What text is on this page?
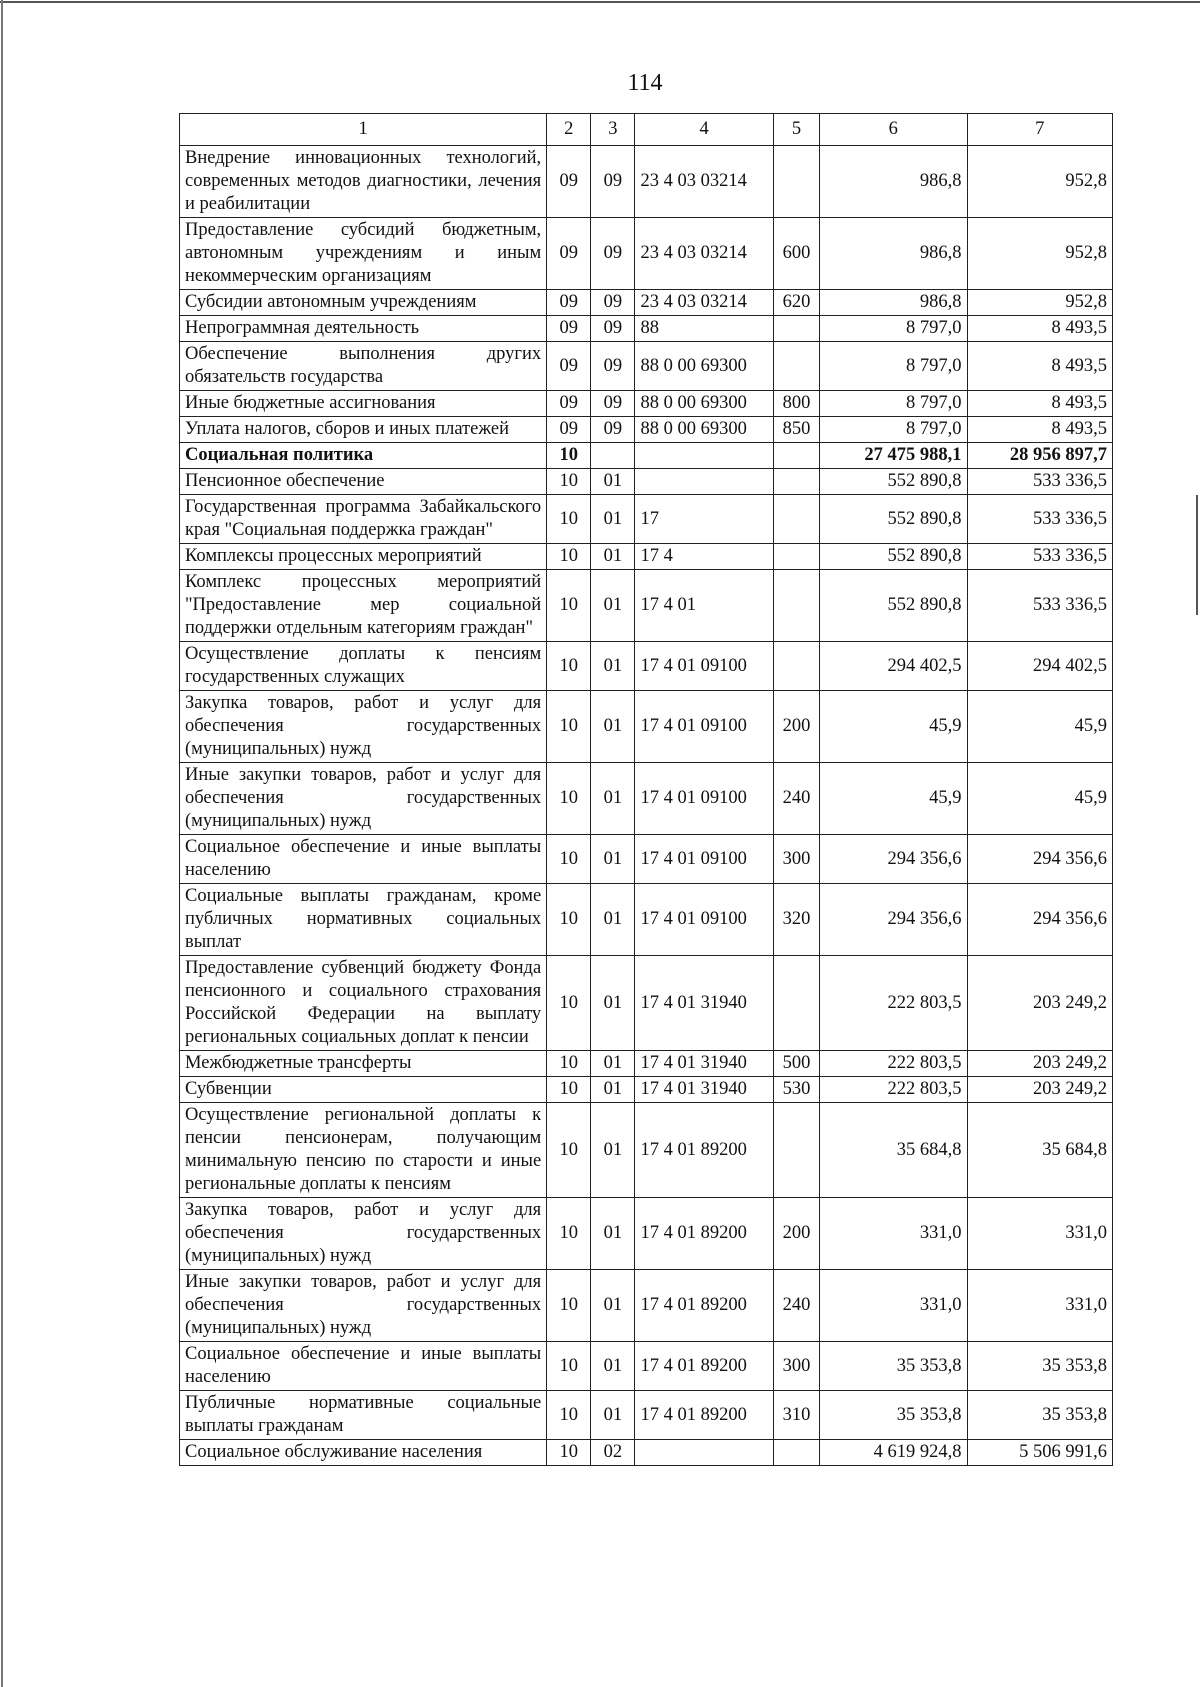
114
1	2	3	4	5	6	7
Внедрение инновационных технологий, современных методов диагностики, лечения и реабилитации	09	09	23 4 03 03214		986,8	952,8
Предоставление субсидий бюджетным, автономным учреждениям и иным некоммерческим организациям	09	09	23 4 03 03214	600	986,8	952,8
Субсидии автономным учреждениям	09	09	23 4 03 03214	620	986,8	952,8
Непрограммная деятельность	09	09	88		8 797,0	8 493,5
Обеспечение выполнения других обязательств государства	09	09	88 0 00 69300		8 797,0	8 493,5
Иные бюджетные ассигнования	09	09	88 0 00 69300	800	8 797,0	8 493,5
Уплата налогов, сборов и иных платежей	09	09	88 0 00 69300	850	8 797,0	8 493,5
Социальная политика	10				27 475 988,1	28 956 897,7
Пенсионное обеспечение	10	01			552 890,8	533 336,5
Государственная программа Забайкальского края "Социальная поддержка граждан"	10	01	17		552 890,8	533 336,5
Комплексы процессных мероприятий	10	01	17 4		552 890,8	533 336,5
Комплекс процессных мероприятий "Предоставление мер социальной поддержки отдельным категориям граждан"	10	01	17 4 01		552 890,8	533 336,5
Осуществление доплаты к пенсиям государственных служащих	10	01	17 4 01 09100		294 402,5	294 402,5
Закупка товаров, работ и услуг для обеспечения государственных (муниципальных) нужд	10	01	17 4 01 09100	200	45,9	45,9
Иные закупки товаров, работ и услуг для обеспечения государственных (муниципальных) нужд	10	01	17 4 01 09100	240	45,9	45,9
Социальное обеспечение и иные выплаты населению	10	01	17 4 01 09100	300	294 356,6	294 356,6
Социальные выплаты гражданам, кроме публичных нормативных социальных выплат	10	01	17 4 01 09100	320	294 356,6	294 356,6
Предоставление субвенций бюджету Фонда пенсионного и социального страхования Российской Федерации на выплату региональных социальных доплат к пенсии	10	01	17 4 01 31940		222 803,5	203 249,2
Межбюджетные трансферты	10	01	17 4 01 31940	500	222 803,5	203 249,2
Субвенции	10	01	17 4 01 31940	530	222 803,5	203 249,2
Осуществление региональной доплаты к пенсии пенсионерам, получающим минимальную пенсию по старости и иные региональные доплаты к пенсиям	10	01	17 4 01 89200		35 684,8	35 684,8
Закупка товаров, работ и услуг для обеспечения государственных (муниципальных) нужд	10	01	17 4 01 89200	200	331,0	331,0
Иные закупки товаров, работ и услуг для обеспечения государственных (муниципальных) нужд	10	01	17 4 01 89200	240	331,0	331,0
Социальное обеспечение и иные выплаты населению	10	01	17 4 01 89200	300	35 353,8	35 353,8
Публичные нормативные социальные выплаты гражданам	10	01	17 4 01 89200	310	35 353,8	35 353,8
Социальное обслуживание населения	10	02			4 619 924,8	5 506 991,6
